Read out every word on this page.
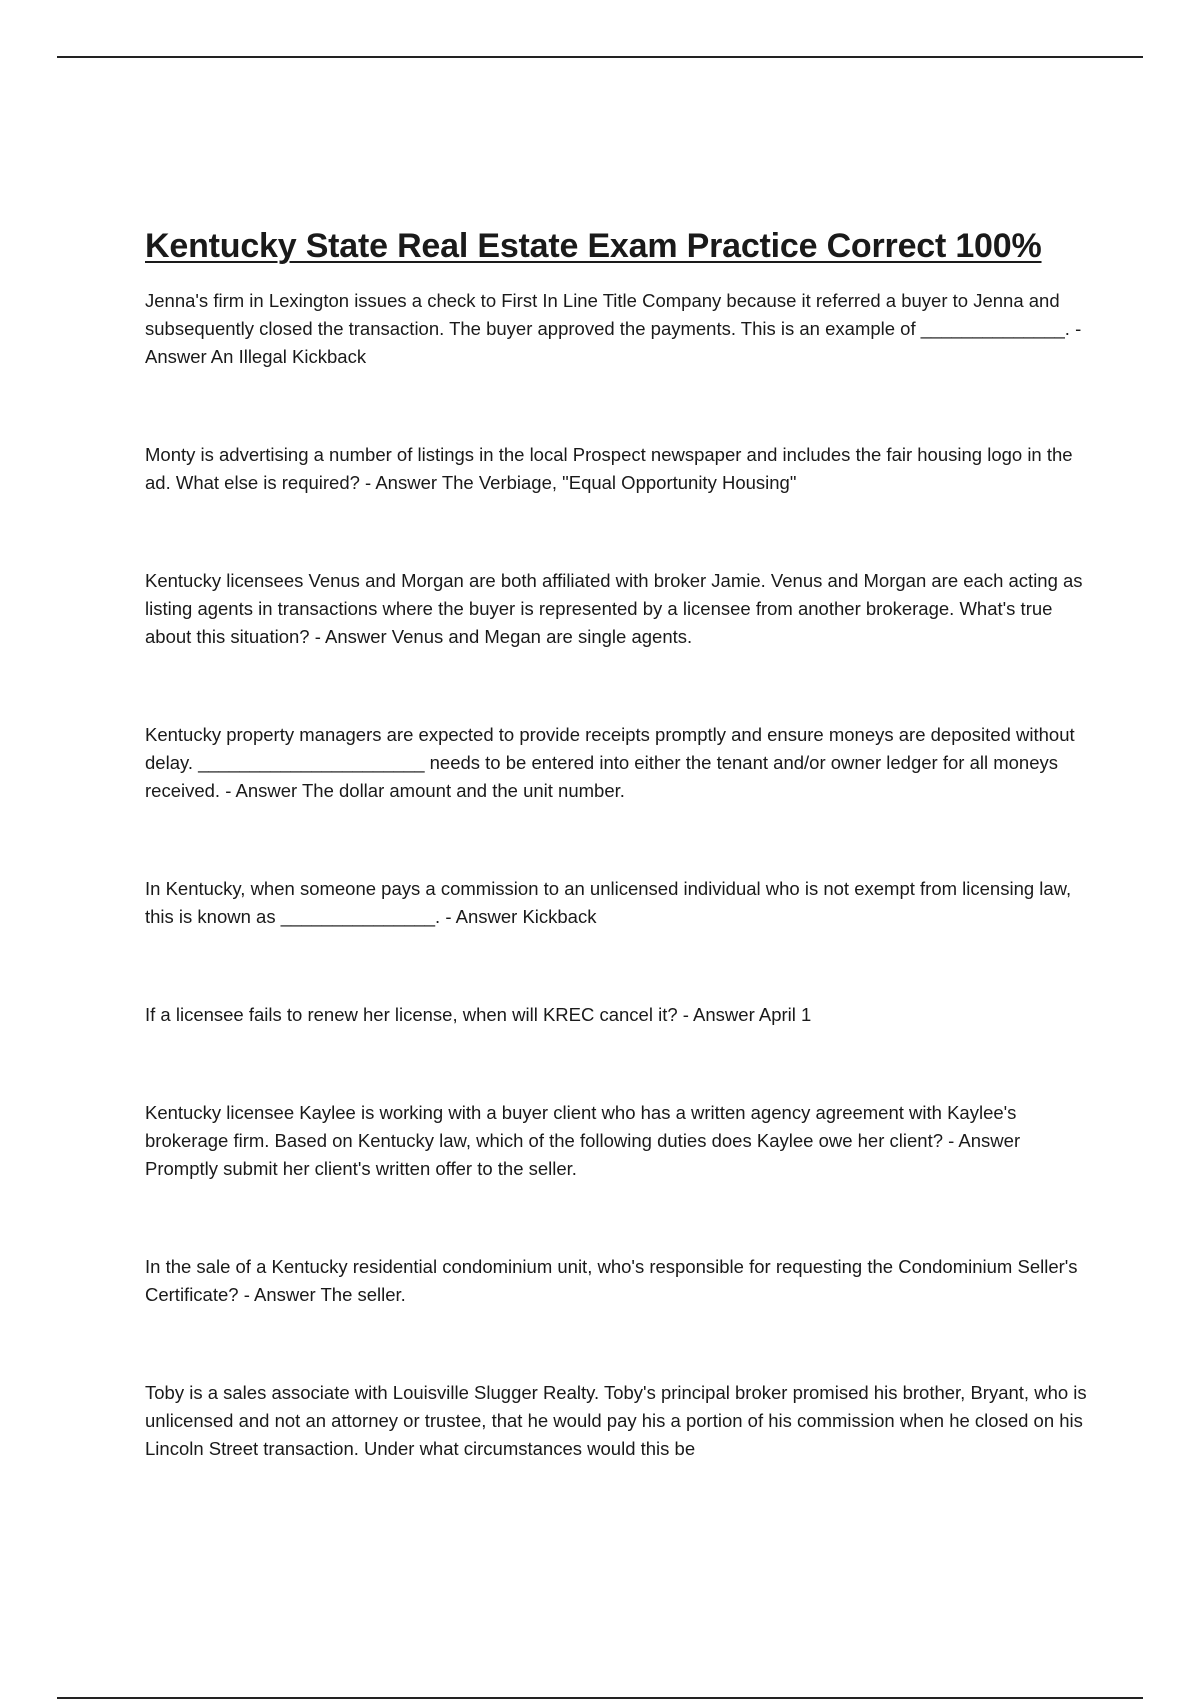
Kentucky State Real Estate Exam Practice Correct 100%
Jenna's firm in Lexington issues a check to First In Line Title Company because it referred a buyer to Jenna and subsequently closed the transaction. The buyer approved the payments. This is an example of ______________. - Answer An Illegal Kickback
Monty is advertising a number of listings in the local Prospect newspaper and includes the fair housing logo in the ad. What else is required? - Answer The Verbiage, "Equal Opportunity Housing"
Kentucky licensees Venus and Morgan are both affiliated with broker Jamie. Venus and Morgan are each acting as listing agents in transactions where the buyer is represented by a licensee from another brokerage. What's true about this situation? - Answer Venus and Megan are single agents.
Kentucky property managers are expected to provide receipts promptly and ensure moneys are deposited without delay. ______________________ needs to be entered into either the tenant and/or owner ledger for all moneys received. - Answer The dollar amount and the unit number.
In Kentucky, when someone pays a commission to an unlicensed individual who is not exempt from licensing law, this is known as _______________. - Answer Kickback
If a licensee fails to renew her license, when will KREC cancel it? - Answer April 1
Kentucky licensee Kaylee is working with a buyer client who has a written agency agreement with Kaylee's brokerage firm. Based on Kentucky law, which of the following duties does Kaylee owe her client? - Answer Promptly submit her client's written offer to the seller.
In the sale of a Kentucky residential condominium unit, who's responsible for requesting the Condominium Seller's Certificate? - Answer The seller.
Toby is a sales associate with Louisville Slugger Realty. Toby's principal broker promised his brother, Bryant, who is unlicensed and not an attorney or trustee, that he would pay his a portion of his commission when he closed on his Lincoln Street transaction. Under what circumstances would this be
